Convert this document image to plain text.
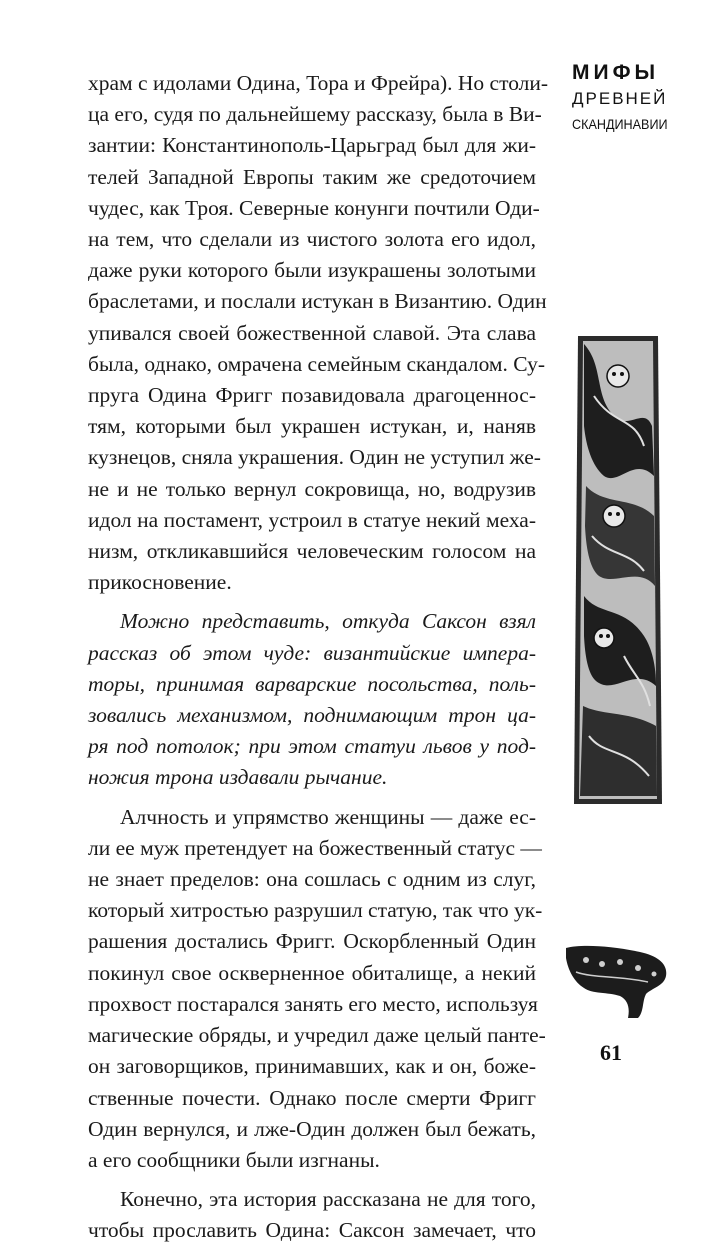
храм с идолами Одина, Тора и Фрейра). Но столи-
ца его, судя по дальнейшему рассказу, была в Ви-
зантии: Константинополь-Царьград был для жи-
телей Западной Европы таким же средоточием
чудес, как Троя. Северные конунги почтили Оди-
на тем, что сделали из чистого золота его идол,
даже руки которого были изукрашены золотыми
браслетами, и послали истукан в Византию. Один
упивался своей божественной славой. Эта слава
была, однако, омрачена семейным скандалом. Су-
пруга Одина Фригг позавидовала драгоценнос-
тям, которыми был украшен истукан, и, наняв
кузнецов, сняла украшения. Один не уступил же-
не и не только вернул сокровища, но, водрузив
идол на постамент, устроил в статуе некий меха-
низм, откликавшийся человеческим голосом на
прикосновение.

Можно представить, откуда Саксон взял
рассказ об этом чуде: византийские импера-
торы, принимая варварские посольства, поль-
зовались механизмом, поднимающим трон ца-
ря под потолок; при этом статуи львов у под-
ножия трона издавали рычание.

Алчность и упрямство женщины — даже ес-
ли ее муж претендует на божественный статус —
не знает пределов: она сошлась с одним из слуг,
который хитростью разрушил статую, так что ук-
рашения достались Фригг. Оскорбленный Один
покинул свое оскверненное обиталище, а некий
прохвост постарался занять его место, используя
магические обряды, и учредил даже целый панте-
он заговорщиков, принимавших, как и он, боже-
ственные почести. Однако после смерти Фригг
Один вернулся, и лже-Один должен был бежать,
а его сообщники были изгнаны.

Конечно, эта история рассказана не для того,
чтобы прославить Одина: Саксон замечает, что

МИФЫ
ДРЕВНЕЙ
СКАНДИНАВИИ
61
